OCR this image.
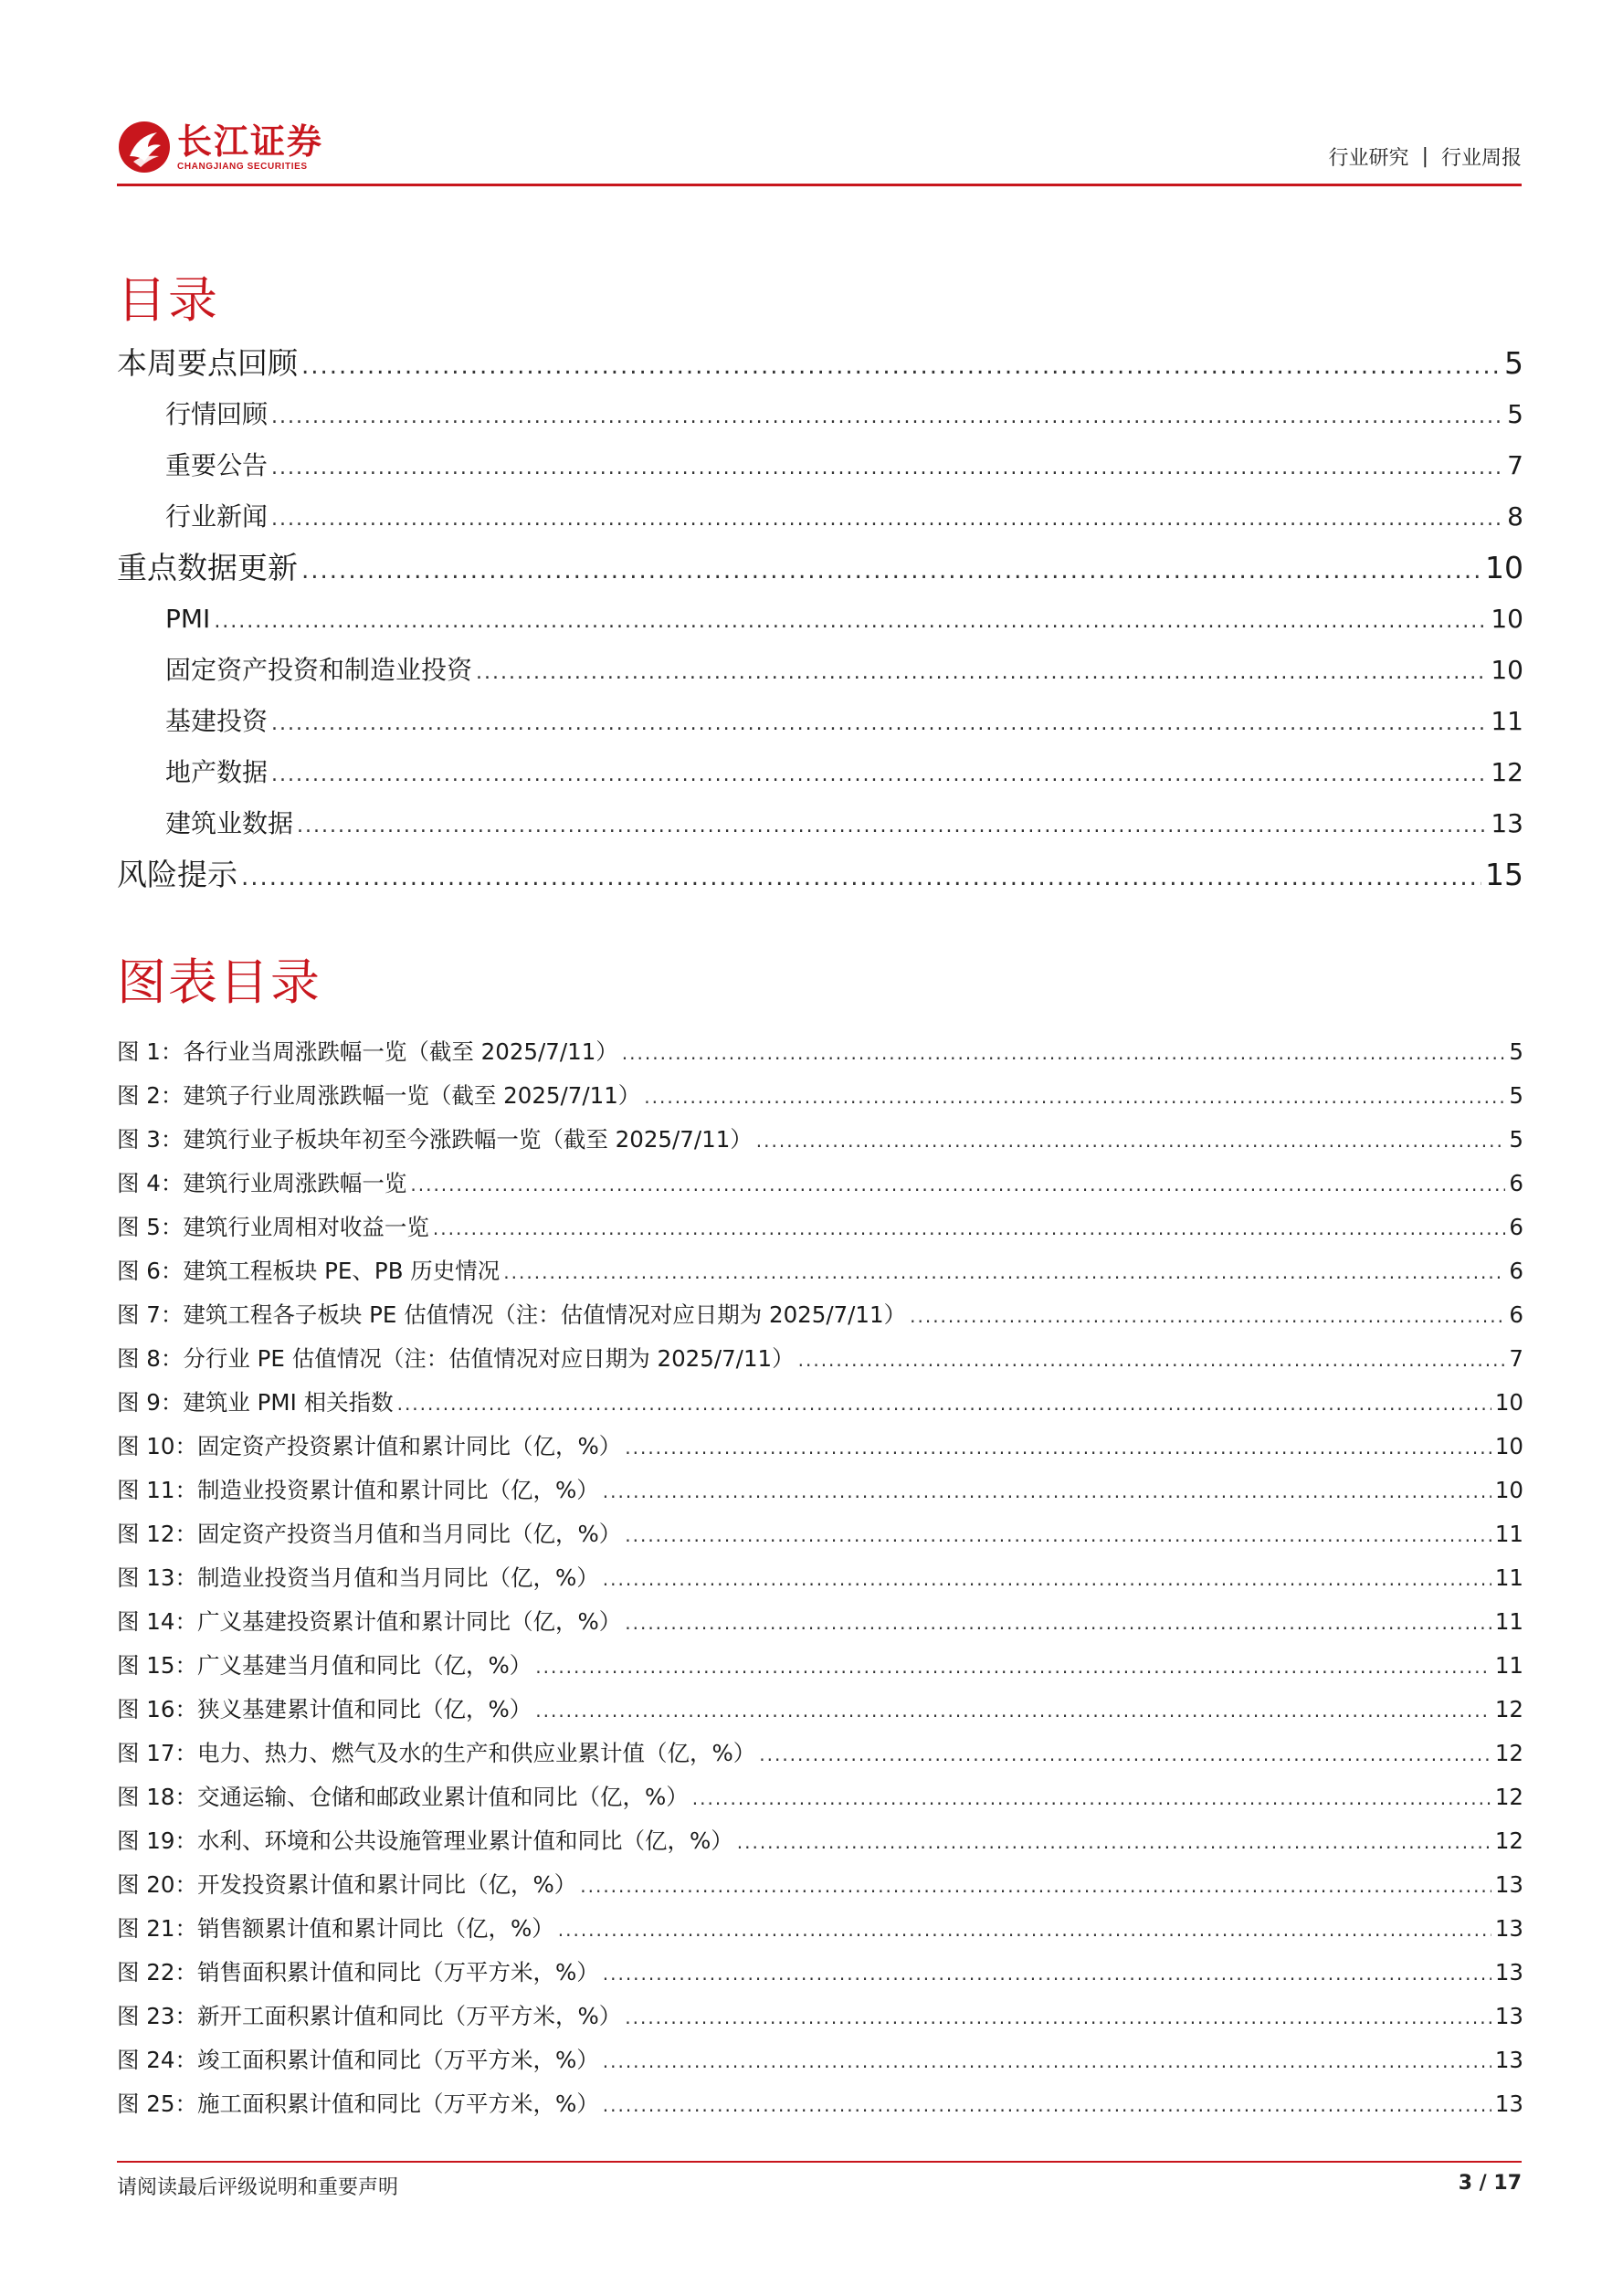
长江证券
CHANGJIANG SECURITIES	行业研究 | 行业周报
目录
本周要点回顾 .....	5
行情回顾 .....	5
重要公告 .....	7
行业新闻 .....	8
重点数据更新 .....	10
PMI .....	10
固定资产投资和制造业投资 .....	10
基建投资 .....	11
地产数据 .....	12
建筑业数据 .....	13
风险提示 .....	15
图表目录
图 1：各行业当周涨跌幅一览（截至 2025/7/11） .....	5
图 2：建筑子行业周涨跌幅一览（截至 2025/7/11） .....	5
图 3：建筑行业子板块年初至今涨跌幅一览（截至 2025/7/11） .....	5
图 4：建筑行业周涨跌幅一览 .....	6
图 5：建筑行业周相对收益一览 .....	6
图 6：建筑工程板块 PE、PB 历史情况 .....	6
图 7：建筑工程各子板块 PE 估值情况（注：估值情况对应日期为 2025/7/11） .....	6
图 8：分行业 PE 估值情况（注：估值情况对应日期为 2025/7/11） .....	7
图 9：建筑业 PMI 相关指数 .....	10
图 10：固定资产投资累计值和累计同比（亿，%） .....	10
图 11：制造业投资累计值和累计同比（亿，%） .....	10
图 12：固定资产投资当月值和当月同比（亿，%） .....	11
图 13：制造业投资当月值和当月同比（亿，%） .....	11
图 14：广义基建投资累计值和累计同比（亿，%） .....	11
图 15：广义基建当月值和同比（亿，%） .....	11
图 16：狭义基建累计值和同比（亿，%） .....	12
图 17：电力、热力、燃气及水的生产和供应业累计值（亿，%） .....	12
图 18：交通运输、仓储和邮政业累计值和同比（亿，%） .....	12
图 19：水利、环境和公共设施管理业累计值和同比（亿，%） .....	12
图 20：开发投资累计值和累计同比（亿，%） .....	13
图 21：销售额累计值和累计同比（亿，%） .....	13
图 22：销售面积累计值和同比（万平方米，%） .....	13
图 23：新开工面积累计值和同比（万平方米，%） .....	13
图 24：竣工面积累计值和同比（万平方米，%） .....	13
图 25：施工面积累计值和同比（万平方米，%） .....	13
请阅读最后评级说明和重要声明	3 / 17
